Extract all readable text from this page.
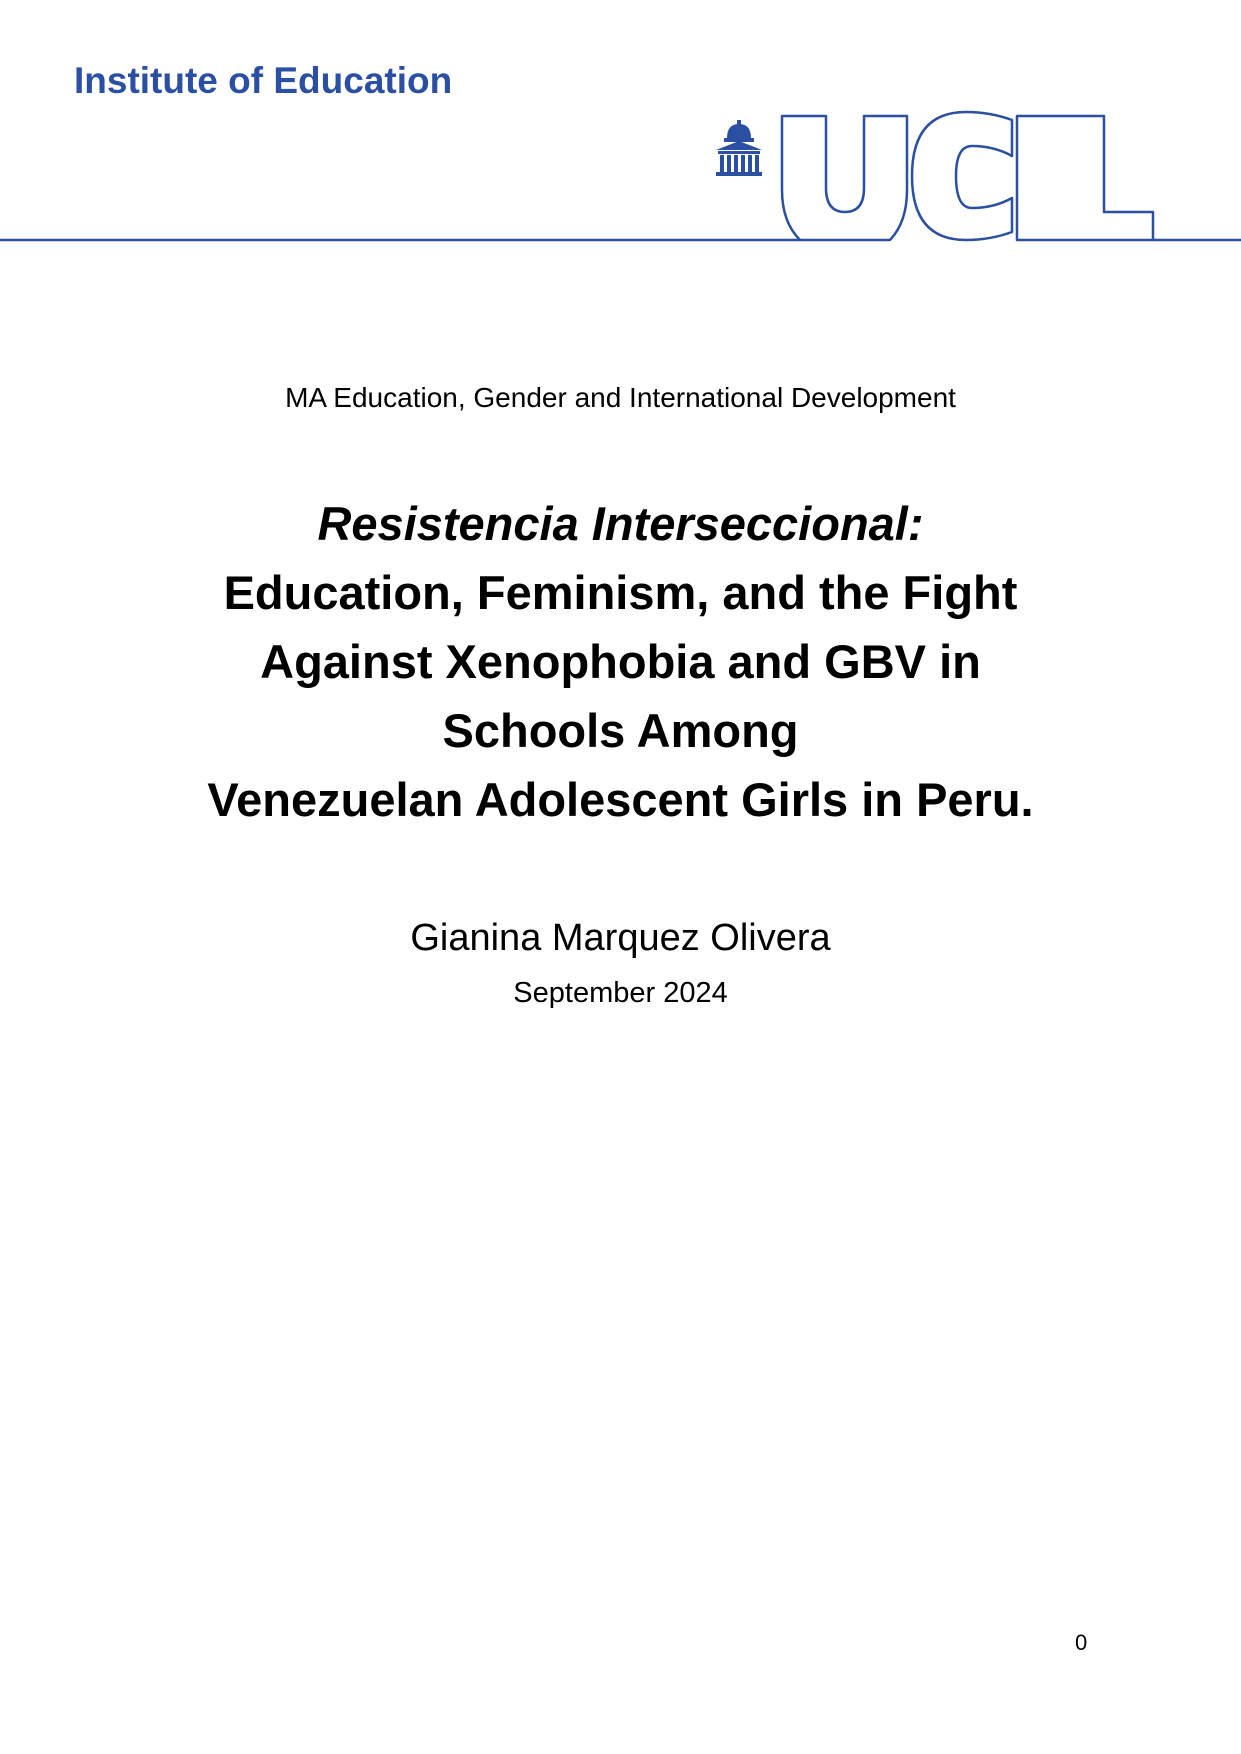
Institute of Education
MA Education, Gender and International Development
Resistencia Interseccional:
Education, Feminism, and the Fight
Against Xenophobia and GBV in
Schools Among
Venezuelan Adolescent Girls in Peru.
Gianina Marquez Olivera
September 2024
0
